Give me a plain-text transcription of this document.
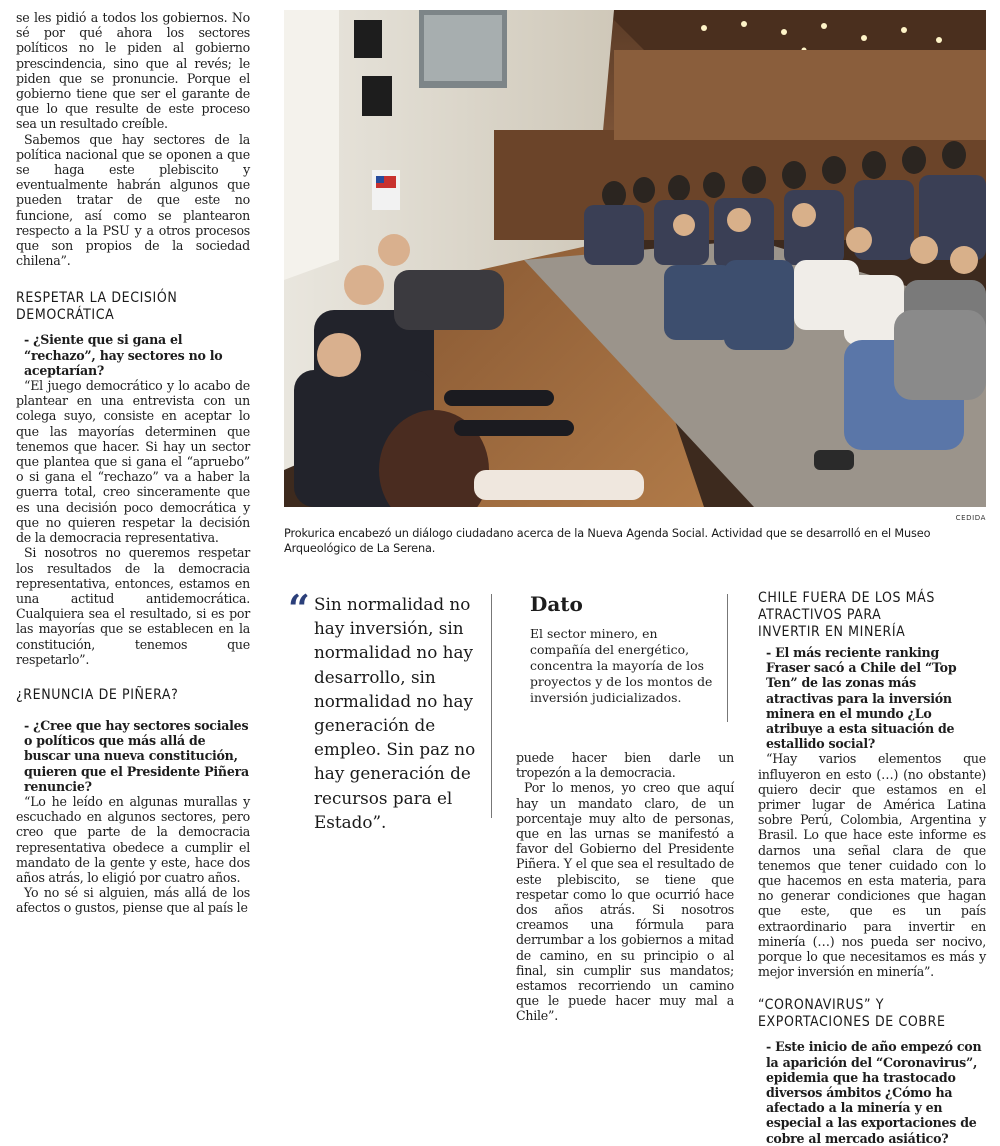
se les pidió a todos los gobiernos. No sé por qué ahora los sectores políticos no le piden al gobierno prescindencia, sino que al revés; le piden que se pronuncie. Porque el gobierno tiene que ser el garante de que lo que resulte de este proceso sea un resultado creíble.

Sabemos que hay sectores de la política nacional que se oponen a que se haga este plebiscito y eventualmente habrán algunos que pueden tratar de que este no funcione, así como se plantearon respecto a la PSU y a otros procesos que son propios de la sociedad chilena”.

RESPETAR LA DECISIÓN
DEMOCRÁTICA

- ¿Siente que si gana el “rechazo”, hay sectores no lo aceptarían?

“El juego democrático y lo acabo de plantear en una entrevista con un colega suyo, consiste en aceptar lo que las mayorías determinen que tenemos que hacer. Si hay un sector que plantea que si gana el “apruebo” o si gana el “rechazo” va a haber la guerra total, creo sinceramente que es una decisión poco democrática y que no quieren respetar la decisión de la democracia representativa.

Si nosotros no queremos respetar los resultados de la democracia representativa, entonces, estamos en una actitud antidemocrática. Cualquiera sea el resultado, si es por las mayorías que se establecen en la constitución, tenemos que respetarlo”.

¿RENUNCIA DE PIÑERA?

- ¿Cree que hay sectores sociales o políticos que más allá de buscar una nueva constitución, quieren que el Presidente Piñera renuncie?

“Lo he leído en algunas murallas y escuchado en algunos sectores, pero creo que parte de la democracia representativa obedece a cumplir el mandato de la gente y este, hace dos años atrás, lo eligió por cuatro años.

Yo no sé si alguien, más allá de los afectos o gustos, piense que al país le

CEDIDA
Prokurica encabezó un diálogo ciudadano acerca de la Nueva Agenda Social. Actividad que se desarrolló en el Museo Arqueológico de La Serena.
“ Sin normalidad no hay inversión, sin normalidad no hay desarrollo, sin normalidad no hay generación de empleo. Sin paz no hay generación de recursos para el Estado”.
Dato

El sector minero, en compañía del energético, concentra la mayoría de los proyectos y de los montos de inversión judicializados.

puede hacer bien darle un tropezón a la democracia.

Por lo menos, yo creo que aquí hay un mandato claro, de un porcentaje muy alto de personas, que en las urnas se manifestó a favor del Gobierno del Presidente Piñera. Y el que sea el resultado de este plebiscito, se tiene que respetar como lo que ocurrió hace dos años atrás. Si nosotros creamos una fórmula para derrumbar a los gobiernos a mitad de camino, en su principio o al final, sin cumplir sus mandatos; estamos recorriendo un camino que le puede hacer muy mal a Chile”.

CHILE FUERA DE LOS MÁS
ATRACTIVOS PARA
INVERTIR EN MINERÍA

- El más reciente ranking Fraser sacó a Chile del “Top Ten” de las zonas más atractivas para la inversión minera en el mundo ¿Lo atribuye a esta situación de estallido social?

“Hay varios elementos que influyeron en esto (…) (no obstante) quiero decir que estamos en el primer lugar de América Latina sobre Perú, Colombia, Argentina y Brasil. Lo que hace este informe es darnos una señal clara de que tenemos que tener cuidado con lo que hacemos en esta materia, para no generar condiciones que hagan que este, que es un país extraordinario para invertir en minería (…) nos pueda ser nocivo, porque lo que necesitamos es más y mejor inversión en minería”.

“CORONAVIRUS” Y
EXPORTACIONES DE COBRE

- Este inicio de año empezó con la aparición del “Coronavirus”, epidemia que ha trastocado diversos ámbitos ¿Cómo ha afectado a la minería y en especial a las exportaciones de cobre al mercado asiático?
